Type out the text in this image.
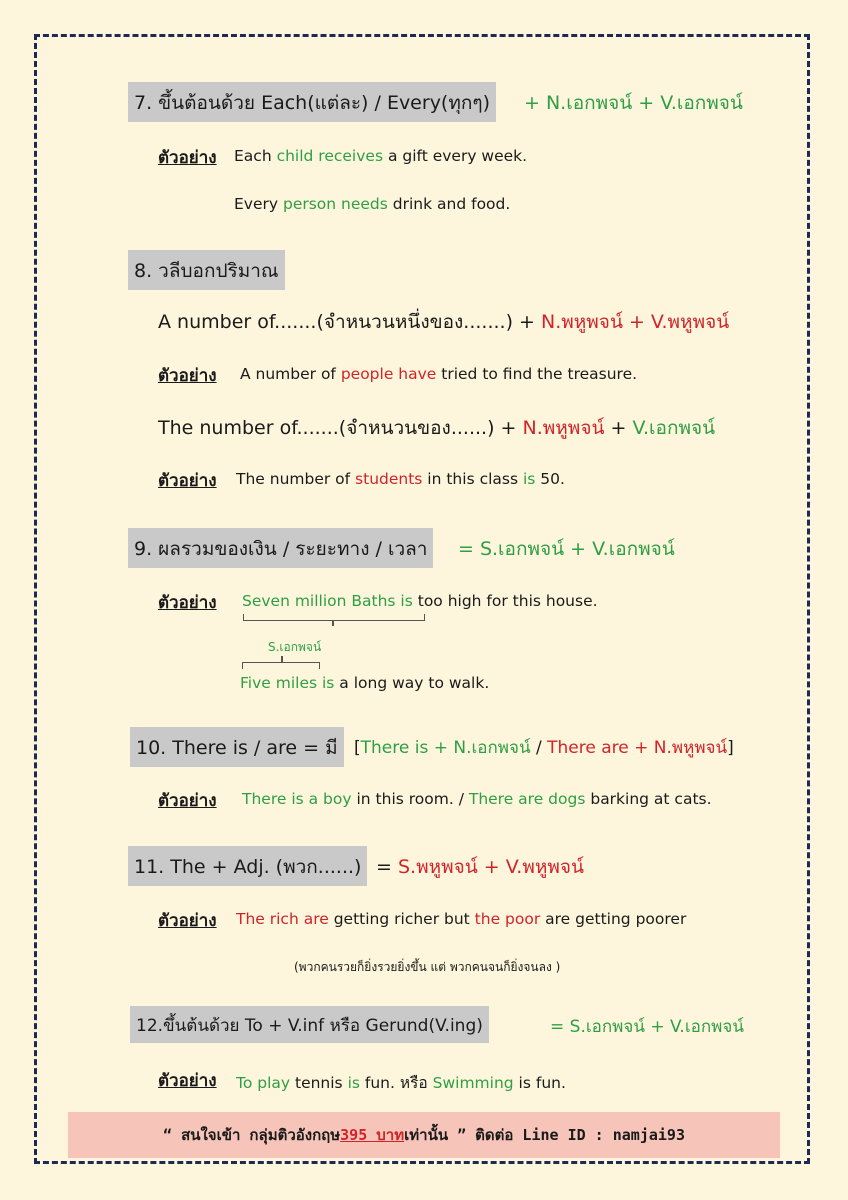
7. ขึ้นต้อนด้วย Each(แต่ละ) / Every(ทุกๆ)	+ N.เอกพจน์ + V.เอกพจน์
ตัวอย่าง Each child receives a gift every week.
Every person needs drink and food.
8. วลีบอกปริมาณ
A number of.......(จำหนวนหนึ่งของ.......) + N.พหูพจน์ + V.พหูพจน์
ตัวอย่าง A number of people have tried to find the treasure.
The number of.......(จำหนวนของ......) + N.พหูพจน์ + V.เอกพจน์
ตัวอย่าง The number of students in this class is 50.
9. ผลรวมของเงิน / ระยะทาง / เวลา	= S.เอกพจน์ + V.เอกพจน์
ตัวอย่าง Seven million Baths is too high for this house.
S.เอกพจน์
Five miles is a long way to walk.
10. There is / are = มี [There is + N.เอกพจน์ / There are + N.พหูพจน์]
ตัวอย่าง There is a boy in this room. / There are dogs barking at cats.
11. The + Adj. (พวก......) = S.พหูพจน์ + V.พหูพจน์
ตัวอย่าง The rich are getting richer but the poor are getting poorer
(พวกคนรวยก็ยิ่งรวยยิ่งขึ้น แต่ พวกคนจนก็ยิ่งจนลง )
12.ขึ้นต้นด้วย To + V.inf หรือ Gerund(V.ing)	= S.เอกพจน์ + V.เอกพจน์
ตัวอย่าง To play tennis is fun. หรือ Swimming is fun.
“ สนใจเข้า กลุ่มติวอังกฤษ 395 บาท เท่านั้น ” ติดต่อ Line ID : namjai93
